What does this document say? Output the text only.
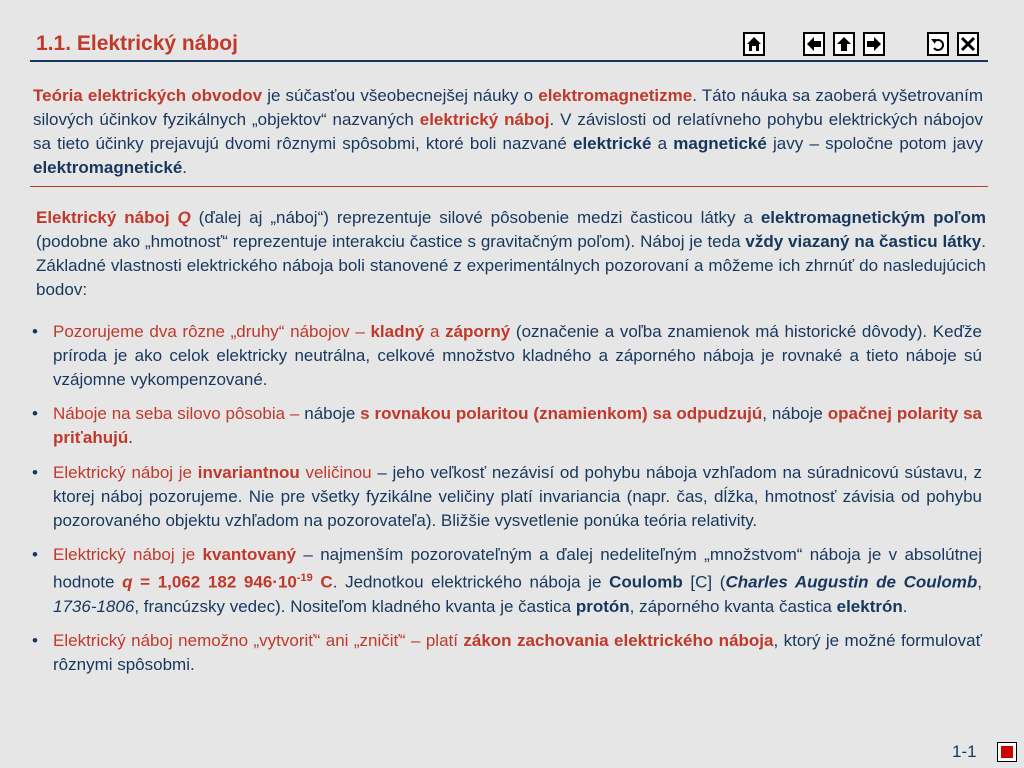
1.1. Elektrický náboj

Teória elektrických obvodov je súčasťou všeobecnejšej náuky o elektromagnetizme. Táto náuka sa zaoberá vyšetrovaním silových účinkov fyzikálnych „objektov“ nazvaných elektrický náboj. V závislosti od relatívneho pohybu elektrických nábojov sa tieto účinky prejavujú dvomi rôznymi spôsobmi, ktoré boli nazvané elektrické a magnetické javy – spoločne potom javy elektromagnetické.

Elektrický náboj Q (ďalej aj „náboj“) reprezentuje silové pôsobenie medzi časticou látky a elektromagnetickým poľom (podobne ako „hmotnosť“ reprezentuje interakciu častice s gravitačným poľom). Náboj je teda vždy viazaný na časticu látky. Základné vlastnosti elektrického náboja boli stanovené z experimentálnych pozorovaní a môžeme ich zhrnúť do nasledujúcich bodov:

• Pozorujeme dva rôzne „druhy“ nábojov – kladný a záporný (označenie a voľba znamienok má historické dôvody). Keďže príroda je ako celok elektricky neutrálna, celkové množstvo kladného a záporného náboja je rovnaké a tieto náboje sú vzájomne vykompenzované.
• Náboje na seba silovo pôsobia – náboje s rovnakou polaritou (znamienkom) sa odpudzujú, náboje opačnej polarity sa priťahujú.
• Elektrický náboj je invariantnou veličinou – jeho veľkosť nezávisí od pohybu náboja vzhľadom na súradnicovú sústavu, z ktorej náboj pozorujeme. Nie pre všetky fyzikálne veličiny platí invariancia (napr. čas, dĺžka, hmotnosť závisia od pohybu pozorovaného objektu vzhľadom na pozorovateľa). Bližšie vysvetlenie ponúka teória relativity.
• Elektrický náboj je kvantovaný – najmenším pozorovateľným a ďalej nedeliteľným „množstvom“ náboja je v absolútnej hodnote q = 1,062 182 $946\cdot 10^{-19}$ C. Jednotkou elektrického náboja je Coulomb [C] (Charles Augustin de Coulomb, 1736-1806, francúzsky vedec). Nositeľom kladného kvanta je častica protón, záporného kvanta častica elektrón.
• Elektrický náboj nemožno „vytvoriť“ ani „zničiť“ – platí zákon zachovania elektrického náboja, ktorý je možné formulovať rôznymi spôsobmi.
1-1
